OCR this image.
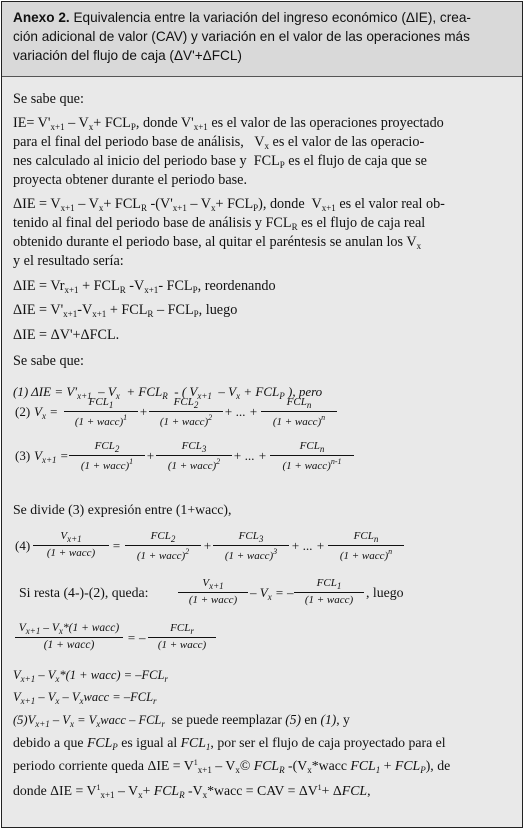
Anexo 2. Equivalencia entre la variación del ingreso económico (ΔIE), crea-
ción adicional de valor (CAV) y variación en el valor de las operaciones más
variación del flujo de caja (ΔV'+ΔFCL)
Se sabe que:
$IE= V'_{x+1} - V_x+ FCL_P$, donde $V'_{x+1}$ es el valor de las operaciones proyectado
para el final del periodo base de análisis,   $V_x$ es el valor de las operacio-
nes calculado al inicio del periodo base y  $FCL_P$ es el flujo de caja que se
proyecta obtener durante el periodo base.
$\Delta IE = V_{x+1} - V_x+ FCL_R$ $-(V'_{x+1} - V_x+ FCL_P)$, donde  $V_{x+1}$ es el valor real ob-
tenido al final del periodo base de análisis y $FCL_R$ es el flujo de caja real
obtenido durante el periodo base, al quitar el paréntesis se anulan los $V_x$
y el resultado sería:
$\Delta IE = Vr_{x+1} + FCL_R$ $-V_{x+1}-$ $FCL_P$, reordenando
$\Delta IE = V'_{x+1}-V_{x+1} + FCL_R - FCL_P$, luego
ΔIE = ΔV'+ΔFCL.
Se sabe que:
(1) $\Delta IE = V'_{x+1} - V_x + FCL_R$  - ( $V_{x+1} - V_x + FCL_P$ ), pero
(2) $V_x$ =
$FCL_1$
(1 + wacc)$^1$ +
$FCL_2$
(1 + wacc)$^2$ + ... +
$FCL_n$
(1 + wacc)$^n$
(3) $V_{x+1}$ =
$FCL_2$
(1 + wacc)$^1$ +
$FCL_3$
(1 + wacc)$^2$ + ... +
$FCL_n$
(1 + wacc)$^{n-1}$
Se divide (3) expresión entre (1+wacc),
(4)
$V_{x+1}$
(1 + wacc)	=
$FCL_2$
(1 + wacc)$^2$	+
$FCL_3$
(1 + wacc)$^3$	+ ... +
$FCL_n$
(1 + wacc)$^n$
Si resta (4-)-(2), queda:
$V_{x+1}$
(1 + wacc) – $V_x$ = –
$FCL_1$
(1 + wacc) , luego
$V_{x+1} - V_x*(1$ + wacc)
(1 + wacc)	= –
$FCL_r$
(1 + wacc)
$V_{x+1} - V_x*(1$ + wacc) = $-FCL_r$
$V_{x+1} - V_x$ – $V_xwacc = -FCL_r$
$(5)V_{x+1} - V_x$ = $V_xwacc - FCL_r$  se puede reemplazar (5) en (1), y
debido a que $FCL_P$ es igual al $FCL_1$, por ser el flujo de caja proyectado para el
periodo corriente queda $\Delta IE = V^1_{x+1}$ – $V_x©$ $FCL_R$ $-(V_x*wacc$ $FCL_1 + FCL_P$), de
donde $\Delta IE = V^1_{x+1} - V_x+ FCL_R$ $-V_x*wacc$ = CAV = $\Delta V^1+ \Delta FCL$,
